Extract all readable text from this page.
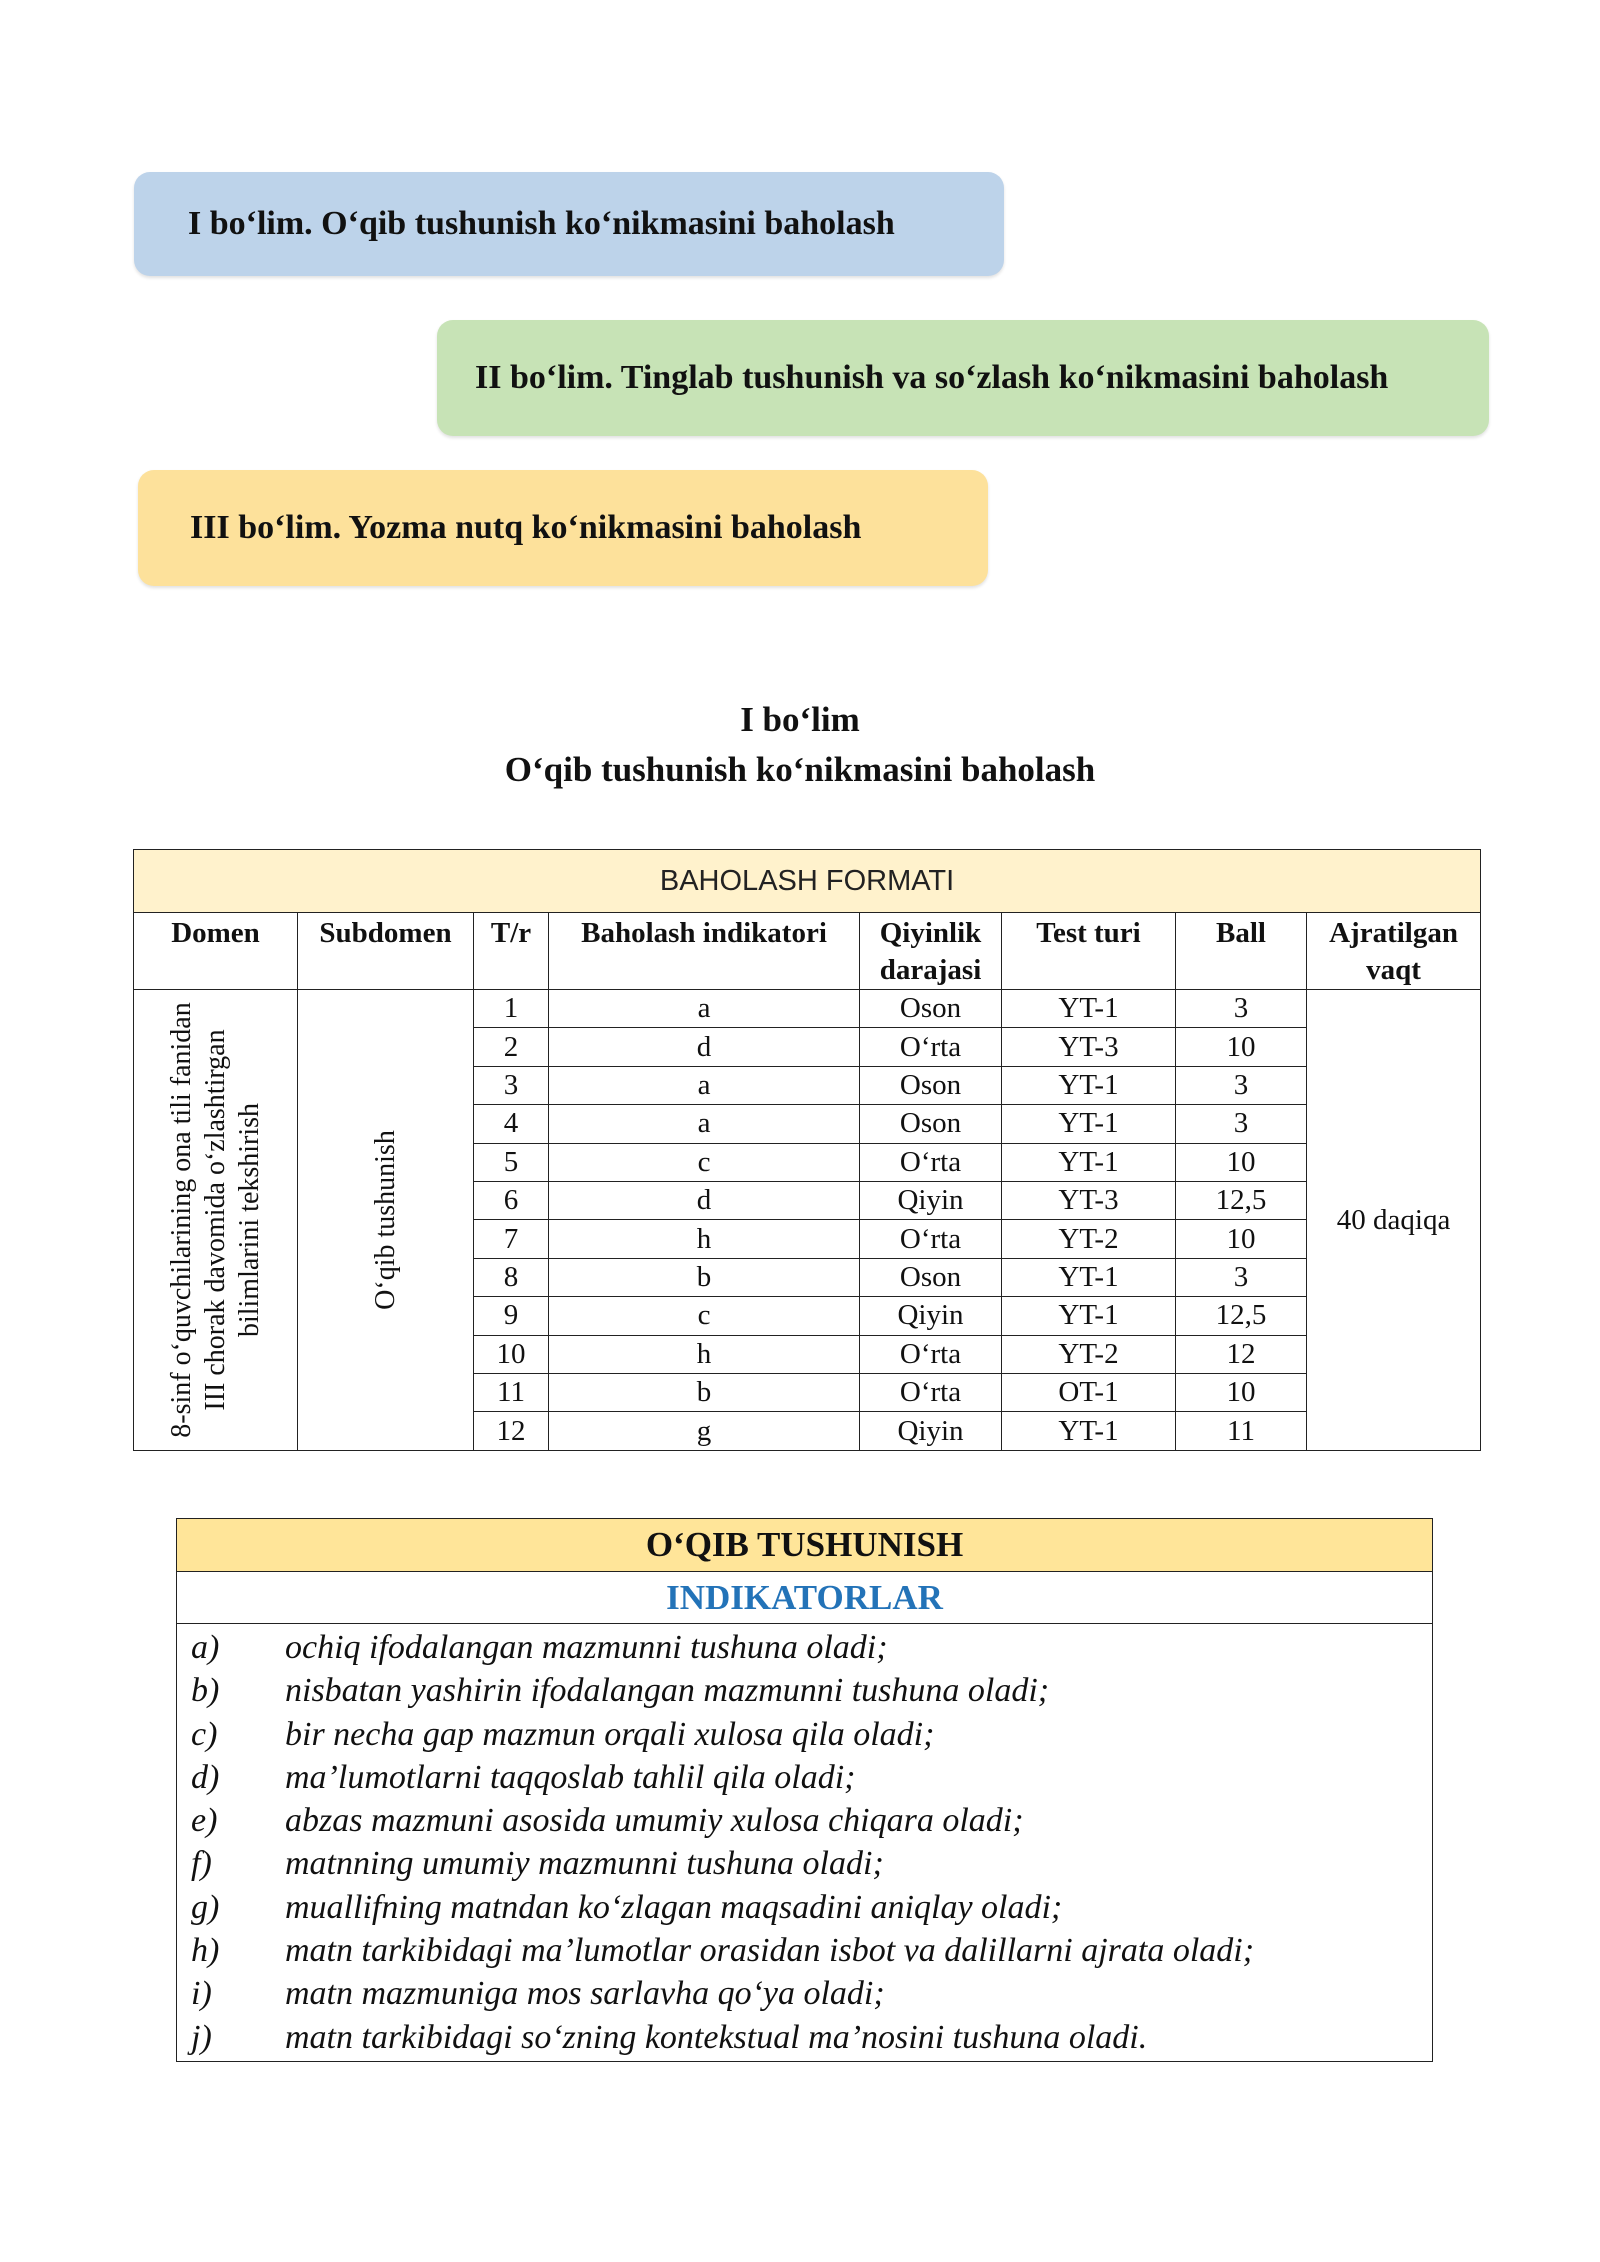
I bo‘lim. O‘qib tushunish ko‘nikmasini baholash
II bo‘lim. Tinglab tushunish va so‘zlash ko‘nikmasini baholash
III bo‘lim. Yozma nutq ko‘nikmasini baholash
I bo‘lim
O‘qib tushunish ko‘nikmasini baholash
BAHOLASH FORMATI							
Domen	Subdomen	T/r	Baholash indikatori	Qiyinlik darajasi	Test turi	Ball	Ajratilgan vaqt

8-sinf o‘quvchilarining ona tili fanidan III chorak davomida o‘zlashtirgan bilimlarini tekshirish	O‘qib tushunish	1	a	Oson	YT-1	3	40 daqiqa
		2	d	O‘rta	YT-3	10	
		3	a	Oson	YT-1	3	
		4	a	Oson	YT-1	3	
		5	c	O‘rta	YT-1	10	
		6	d	Qiyin	YT-3	12,5	
		7	h	O‘rta	YT-2	10	
		8	b	Oson	YT-1	3	
		9	c	Qiyin	YT-1	12,5	
		10	h	O‘rta	YT-2	12	
		11	b	O‘rta	OT-1	10	
		12	g	Qiyin	YT-1	11	
O‘QIB TUSHUNISH
INDIKATORLAR
a)	ochiq ifodalangan mazmunni tushuna oladi;
b)	nisbatan yashirin ifodalangan mazmunni tushuna oladi;
c)	bir necha gap mazmun orqali xulosa qila oladi;
d)	ma’lumotlarni taqqoslab tahlil qila oladi;
e)	abzas mazmuni asosida umumiy xulosa chiqara oladi;
f)	matnning umumiy mazmunni tushuna oladi;
g)	muallifning matndan ko‘zlagan maqsadini aniqlay oladi;
h)	matn tarkibidagi ma’lumotlar orasidan isbot va dalillarni ajrata oladi;
i)	matn mazmuniga mos sarlavha qo‘ya oladi;
j)	matn tarkibidagi so‘zning kontekstual ma’nosini tushuna oladi.
